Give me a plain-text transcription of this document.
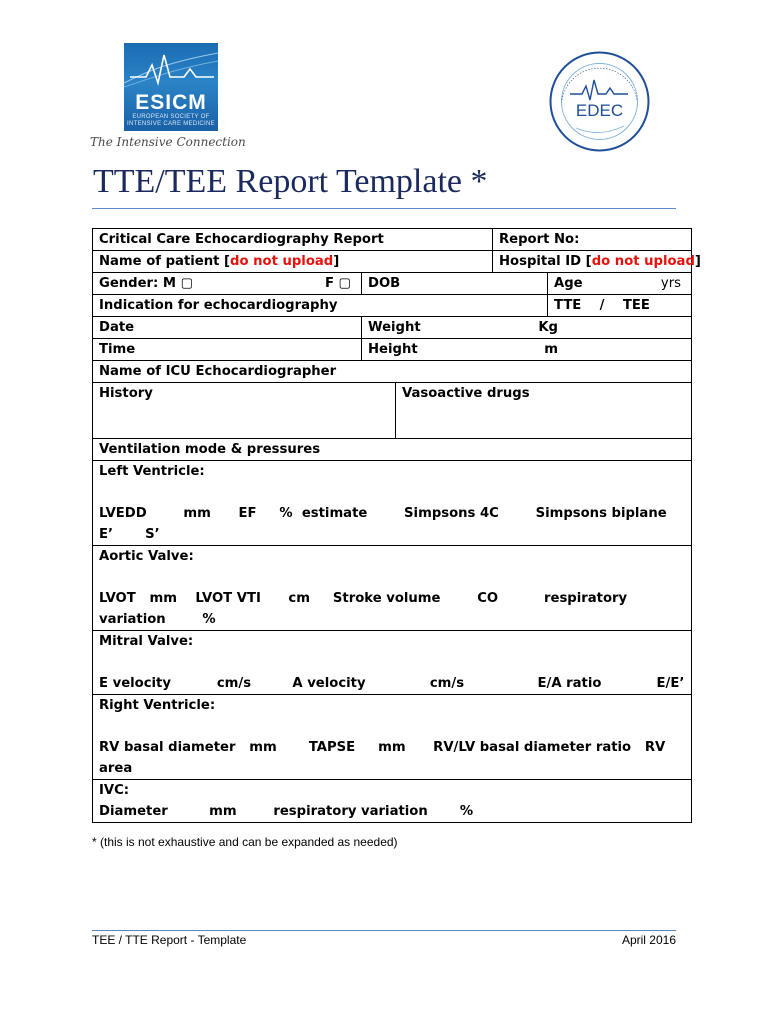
ESICM
EUROPEAN SOCIETY OF
INTENSIVE CARE MEDICINE
The Intensive Connection
EDEC
TTE/TEE Report Template *
Critical Care Echocardiography Report			Report No:	
Name of patient [do not upload]			Hospital ID [do not upload]	

Gender: M ▢ F ▢	DOB			Age yrs

Indication for echocardiography				TTE    /    TEE
Date	Weight Kg			

Time	Height m			

Name of ICU Echocardiographer				
History		Vasoactive drugs		
Ventilation mode & pressures				

Left Ventricle:
LVEDD        mm      EF     %  estimate        Simpsons 4C        Simpsons biplane
E’       S’				

Aortic Valve:
LVOT   mm    LVOT VTI      cm     Stroke volume        CO          respiratory
variation        %				

Mitral Valve:
E velocity          cm/s         A velocity              cm/s                E/A ratio            E/E’				

Right Ventricle:
RV basal diameter   mm       TAPSE     mm      RV/LV basal diameter ratio   RV
area				

IVC:
Diameter         mm        respiratory variation       %				
* (this is not exhaustive and can be expanded as needed)
TEE / TTE Report - Template	April 2016
